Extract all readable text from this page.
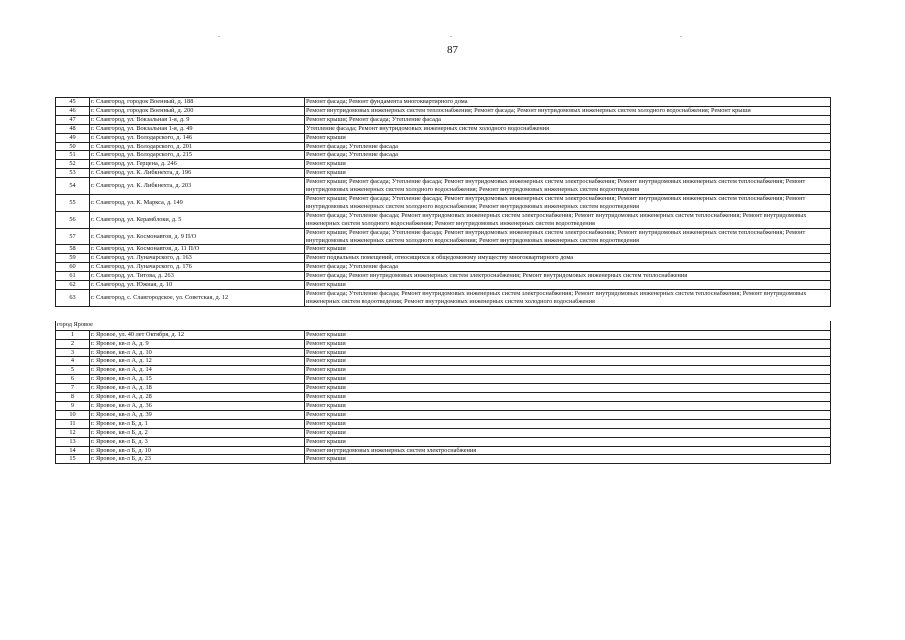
.	.	.
87
45	г. Славгород, городок Военный, д. 188	Ремонт фасада; Ремонт фундамента многоквартирного дома
46	г. Славгород, городок Военный, д. 200	Ремонт внутридомовых инженерных систем теплоснабжения; Ремонт фасада; Ремонт внутридомовых инженерных систем холодного водоснабжения; Ремонт крыши
47	г. Славгород, ул. Вокзальная 1-я, д. 9	Ремонт крыши; Ремонт фасада; Утепление фасада
48	г. Славгород, ул. Вокзальная 1-я, д. 49	Утепление фасада; Ремонт внутридомовых инженерных систем холодного водоснабжения
49	г. Славгород, ул. Володарского, д. 146	Ремонт крыши
50	г. Славгород, ул. Володарского, д. 201	Ремонт фасада; Утепление фасада
51	г. Славгород, ул. Володарского, д. 215	Ремонт фасада; Утепление фасада
52	г. Славгород, ул. Герцена, д. 246	Ремонт крыши
53	г. Славгород, ул. К. Либкнехта, д. 196	Ремонт крыши
54	г. Славгород, ул. К. Либкнехта, д. 203	Ремонт крыши; Ремонт фасада; Утепление фасада; Ремонт внутридомовых инженерных систем электроснабжения; Ремонт внутридомовых инженерных систем теплоснабжения; Ремонт внутридомовых инженерных систем холодного водоснабжения; Ремонт внутридомовых инженерных систем водоотведения
55	г. Славгород, ул. К. Маркса, д. 149	Ремонт крыши; Ремонт фасада; Утепление фасада; Ремонт внутридомовых инженерных систем электроснабжения; Ремонт внутридомовых инженерных систем теплоснабжения; Ремонт внутридомовых инженерных систем холодного водоснабжения; Ремонт внутридомовых инженерных систем водоотведения
56	г. Славгород, ул. Керамблоки, д. 5	Ремонт фасада; Утепление фасада; Ремонт внутридомовых инженерных систем электроснабжения; Ремонт внутридомовых инженерных систем теплоснабжения; Ремонт внутридомовых инженерных систем холодного водоснабжения; Ремонт внутридомовых инженерных систем водоотведения
57	г. Славгород, ул. Космонавтов, д. 9 П/О	Ремонт крыши; Ремонт фасада; Утепление фасада; Ремонт внутридомовых инженерных систем электроснабжения; Ремонт внутридомовых инженерных систем теплоснабжения; Ремонт внутридомовых инженерных систем холодного водоснабжения; Ремонт внутридомовых инженерных систем водоотведения
58	г. Славгород, ул. Космонавтов, д. 11 П/О	Ремонт крыши
59	г. Славгород, ул. Луначарского, д. 163	Ремонт подвальных помещений, относящихся к общедомовому имуществу многоквартирного дома
60	г. Славгород, ул. Луначарского, д. 176	Ремонт фасада; Утепление фасада
61	г. Славгород, ул. Титова, д. 263	Ремонт фасада; Ремонт внутридомовых инженерных систем электроснабжения; Ремонт внутридомовых инженерных систем теплоснабжения
62	г. Славгород, ул. Южная, д. 10	Ремонт крыши
63	г. Славгород, с. Славгородское, ул. Советская, д. 12	Ремонт фасада; Утепление фасада; Ремонт внутридомовых инженерных систем электроснабжения; Ремонт внутридомовых инженерных систем теплоснабжения; Ремонт внутридомовых инженерных систем водоотведения; Ремонт внутридомовых инженерных систем холодного водоснабжения

город Яровое		
1	г. Яровое, ул. 40 лет Октября, д. 12	Ремонт крыши
2	г. Яровое, кв-л А, д. 9	Ремонт крыши
3	г. Яровое, кв-л А, д. 10	Ремонт крыши
4	г. Яровое, кв-л А, д. 12	Ремонт крыши
5	г. Яровое, кв-л А, д. 14	Ремонт крыши
6	г. Яровое, кв-л А, д. 15	Ремонт крыши
7	г. Яровое, кв-л А, д. 18	Ремонт крыши
8	г. Яровое, кв-л А, д. 28	Ремонт крыши
9	г. Яровое, кв-л А, д. 36	Ремонт крыши
10	г. Яровое, кв-л А, д. 39	Ремонт крыши
11	г. Яровое, кв-л Б, д. 1	Ремонт крыши
12	г. Яровое, кв-л Б, д. 2	Ремонт крыши
13	г. Яровое, кв-л Б, д. 3	Ремонт крыши
14	г. Яровое, кв-л Б, д. 10	Ремонт внутридомовых инженерных систем электроснабжения
15	г. Яровое, кв-л Б, д. 23	Ремонт крыши
